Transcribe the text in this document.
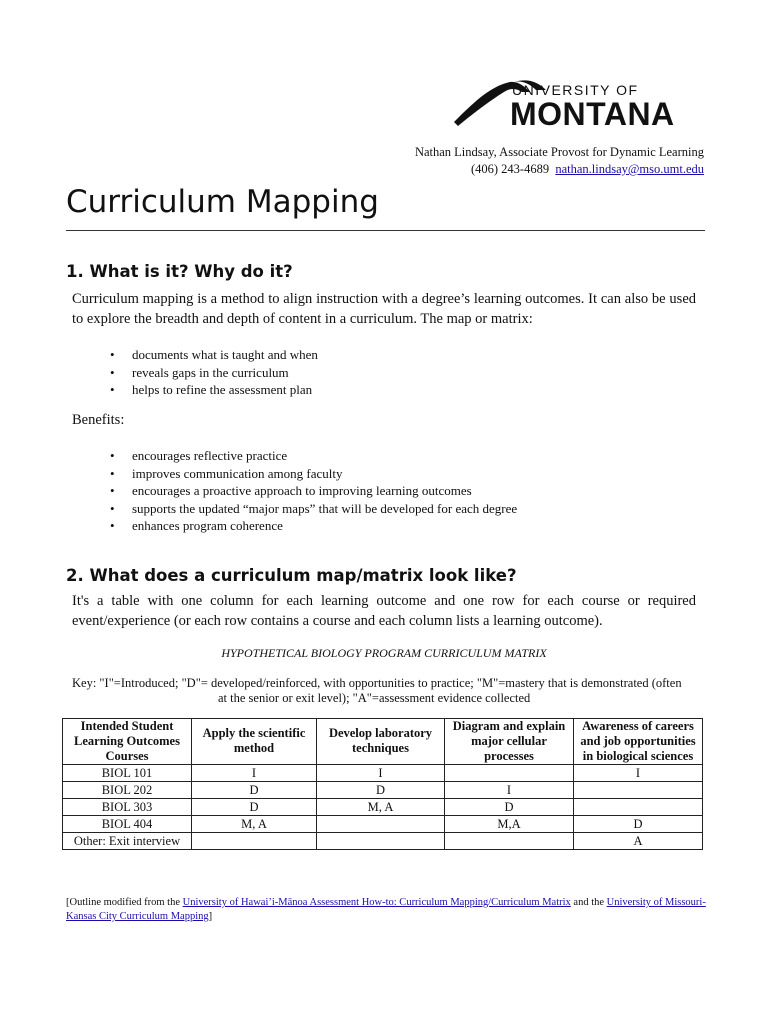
UNIVERSITY OF
MONTANA
Nathan Lindsay, Associate Provost for Dynamic Learning
(406) 243-4689 nathan.lindsay@mso.umt.edu
Curriculum Mapping
1. What is it? Why do it?

Curriculum mapping is a method to align instruction with a degree’s learning outcomes. It can also be used to explore the breadth and depth of content in a curriculum. The map or matrix:

• documents what is taught and when
• reveals gaps in the curriculum
• helps to refine the assessment plan

Benefits:

• encourages reflective practice
• improves communication among faculty
• encourages a proactive approach to improving learning outcomes
• supports the updated “major maps” that will be developed for each degree
• enhances program coherence
2. What does a curriculum map/matrix look like?

It's a table with one column for each learning outcome and one row for each course or required event/experience (or each row contains a course and each column lists a learning outcome).

HYPOTHETICAL BIOLOGY PROGRAM CURRICULUM MATRIX
Key: "I"=Introduced; "D"= developed/reinforced, with opportunities to practice; "M"=mastery that is demonstrated (often
at the senior or exit level); "A"=assessment evidence collected
Intended Student Learning Outcomes
Courses	Apply the scientific method	Develop laboratory techniques	Diagram and explain major cellular processes	Awareness of careers and job opportunities in biological sciences
BIOL 101	I	I		I
BIOL 202	D	D	I	
BIOL 303	D	M, A	D	
BIOL 404	M, A		M,A	D
Other: Exit interview				A
[Outline modified from the University of Hawai’i-Mānoa Assessment How-to: Curriculum Mapping/Curriculum Matrix and the University of Missouri-Kansas City Curriculum Mapping]
